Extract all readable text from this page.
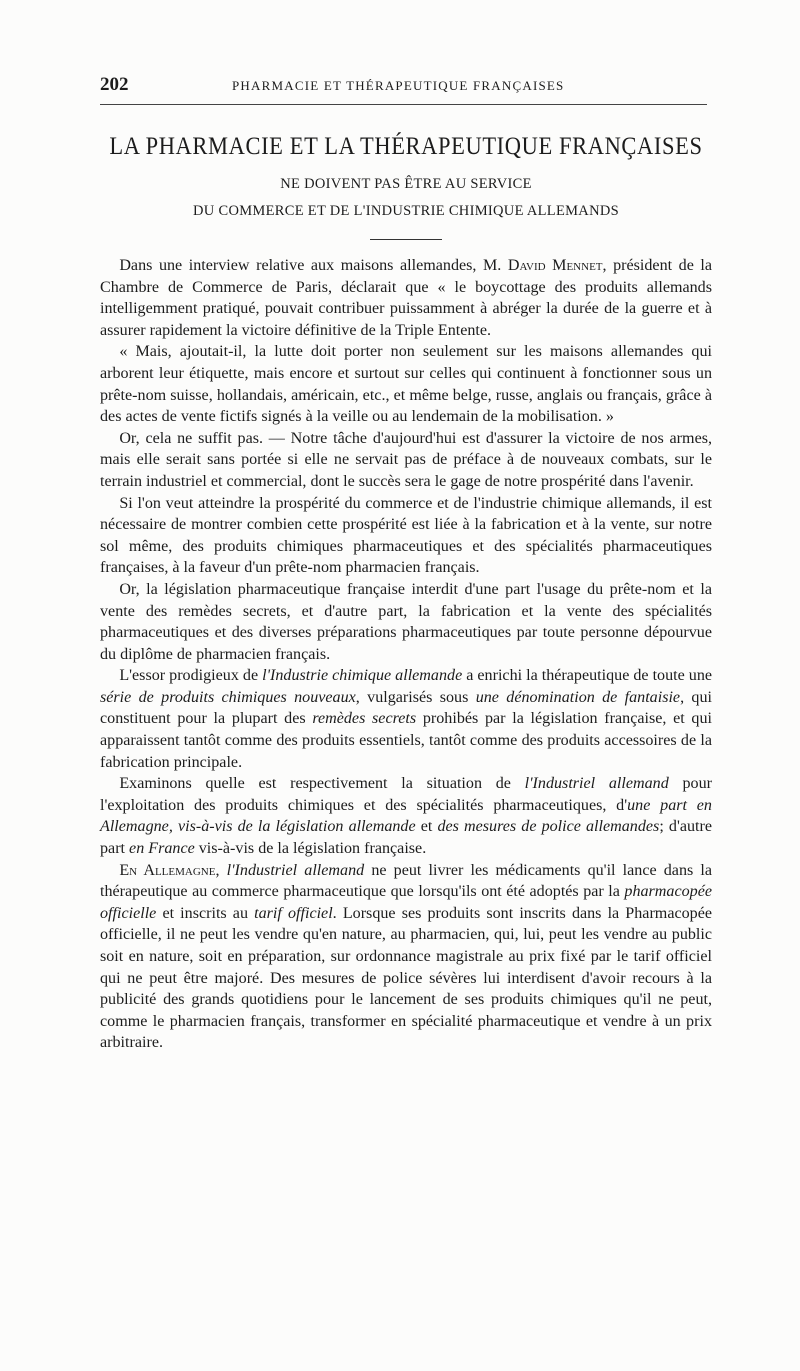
202	PHARMACIE ET THÉRAPEUTIQUE FRANÇAISES
LA PHARMACIE ET LA THÉRAPEUTIQUE FRANÇAISES
NE DOIVENT PAS ÊTRE AU SERVICE
DU COMMERCE ET DE L'INDUSTRIE CHIMIQUE ALLEMANDS

Dans une interview relative aux maisons allemandes, M. David Mennet, président de la Chambre de Commerce de Paris, déclarait que « le boycottage des produits allemands intelligemment pratiqué, pouvait contribuer puissamment à abréger la durée de la guerre et à assurer rapidement la victoire définitive de la Triple Entente.

« Mais, ajoutait-il, la lutte doit porter non seulement sur les maisons allemandes qui arborent leur étiquette, mais encore et surtout sur celles qui continuent à fonctionner sous un prête-nom suisse, hollandais, américain, etc., et même belge, russe, anglais ou français, grâce à des actes de vente fictifs signés à la veille ou au lendemain de la mobilisation. »

Or, cela ne suffit pas. — Notre tâche d'aujourd'hui est d'assurer la victoire de nos armes, mais elle serait sans portée si elle ne servait pas de préface à de nouveaux combats, sur le terrain industriel et commercial, dont le succès sera le gage de notre prospérité dans l'avenir.

Si l'on veut atteindre la prospérité du commerce et de l'industrie chimique allemands, il est nécessaire de montrer combien cette prospérité est liée à la fabrication et à la vente, sur notre sol même, des produits chimiques pharmaceutiques et des spécialités pharmaceutiques françaises, à la faveur d'un prête-nom pharmacien français.

Or, la législation pharmaceutique française interdit d'une part l'usage du prête-nom et la vente des remèdes secrets, et d'autre part, la fabrication et la vente des spécialités pharmaceutiques et des diverses préparations pharmaceutiques par toute personne dépourvue du diplôme de pharmacien français.

L'essor prodigieux de l'Industrie chimique allemande a enrichi la thérapeutique de toute une série de produits chimiques nouveaux, vulgarisés sous une dénomination de fantaisie, qui constituent pour la plupart des remèdes secrets prohibés par la législation française, et qui apparaissent tantôt comme des produits essentiels, tantôt comme des produits accessoires de la fabrication principale.

Examinons quelle est respectivement la situation de l'Industriel allemand pour l'exploitation des produits chimiques et des spécialités pharmaceutiques, d'une part en Allemagne, vis-à-vis de la législation allemande et des mesures de police allemandes; d'autre part en France vis-à-vis de la législation française.

En Allemagne, l'Industriel allemand ne peut livrer les médicaments qu'il lance dans la thérapeutique au commerce pharmaceutique que lorsqu'ils ont été adoptés par la pharmacopée officielle et inscrits au tarif officiel. Lorsque ses produits sont inscrits dans la Pharmacopée officielle, il ne peut les vendre qu'en nature, au pharmacien, qui, lui, peut les vendre au public soit en nature, soit en préparation, sur ordonnance magistrale au prix fixé par le tarif officiel qui ne peut être majoré. Des mesures de police sévères lui interdisent d'avoir recours à la publicité des grands quotidiens pour le lancement de ses produits chimiques qu'il ne peut, comme le pharmacien français, transformer en spécialité pharmaceutique et vendre à un prix arbitraire.
